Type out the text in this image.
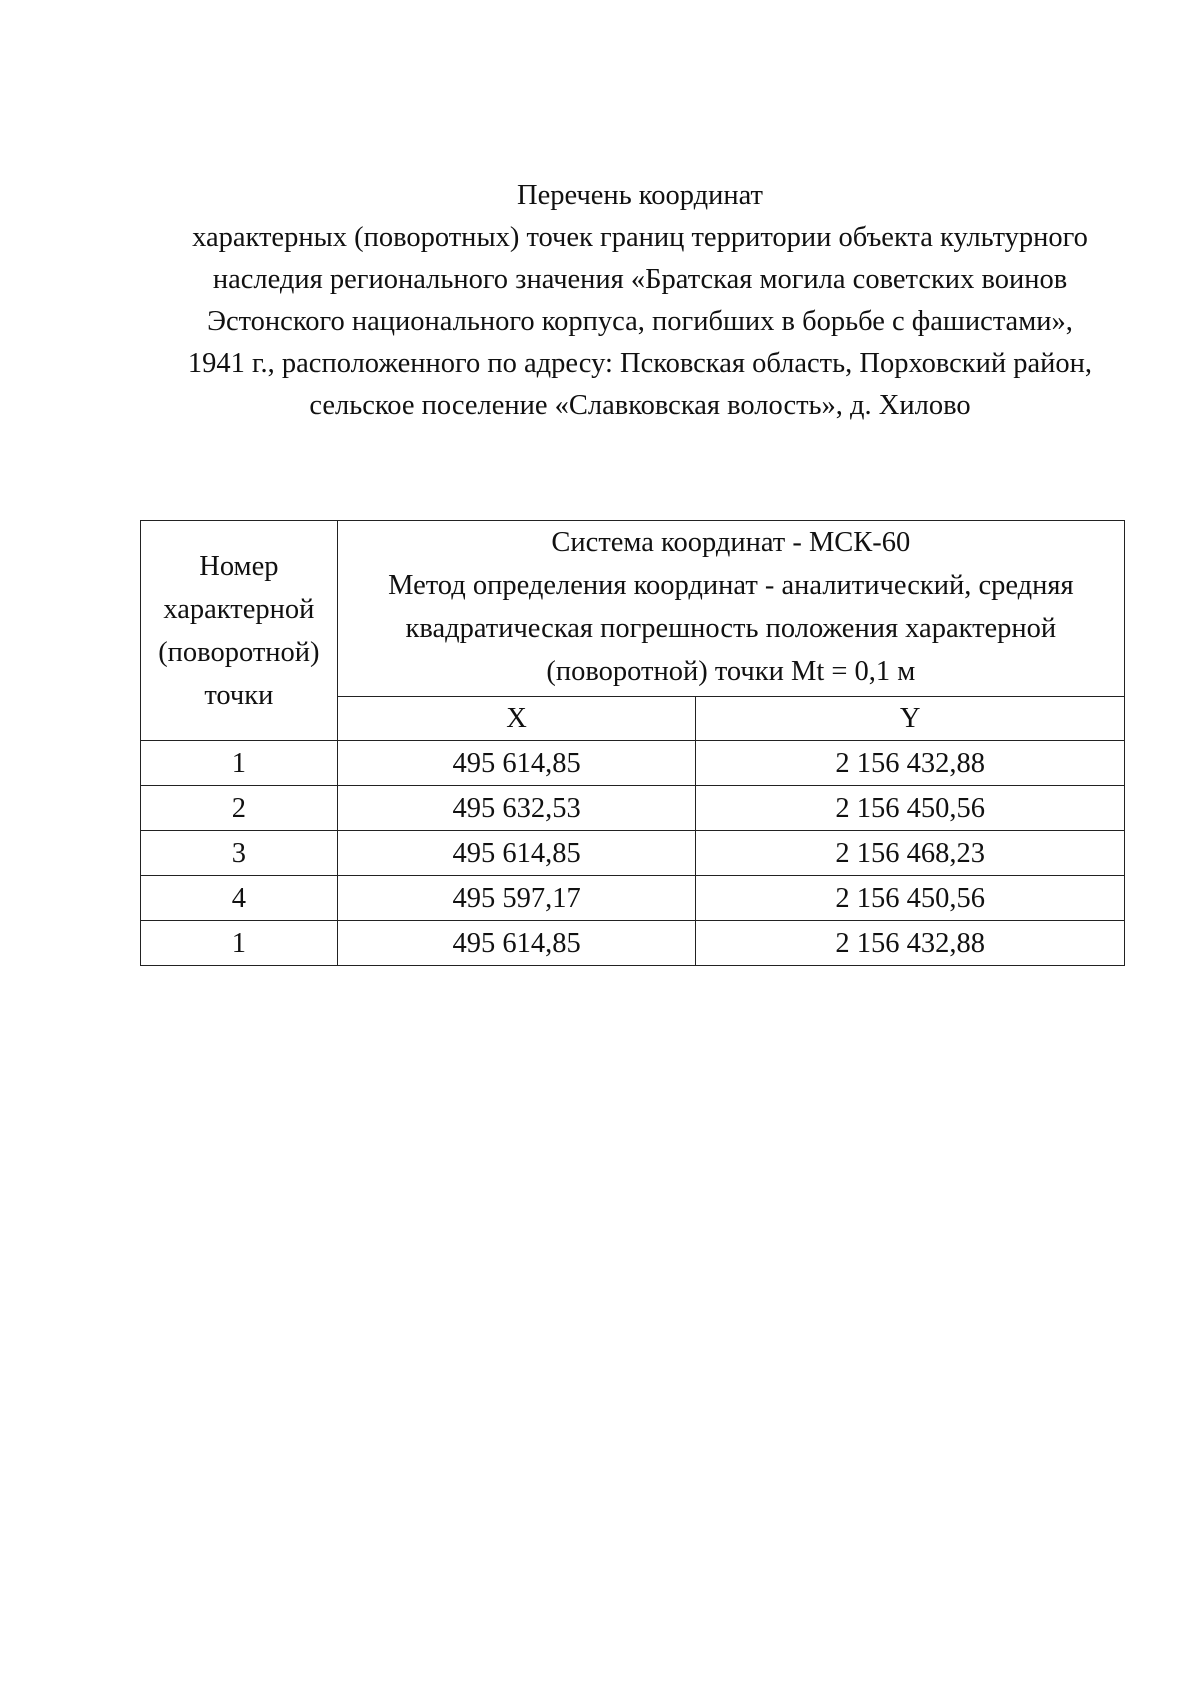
Перечень координат
характерных (поворотных) точек границ территории объекта культурного
наследия регионального значения «Братская могила советских воинов
Эстонского национального корпуса, погибших в борьбе с фашистами»,
1941 г., расположенного по адресу: Псковская область, Порховский район,
сельское поселение «Славковская волость», д. Хилово
Номер
характерной
(поворотной)
точки	Система координат - МСК-60
Метод определения координат - аналитический, средняя
квадратическая погрешность положения характерной
(поворотной) точки Mt = 0,1 м	

	X	Y
1	495 614,85	2 156 432,88
2	495 632,53	2 156 450,56
3	495 614,85	2 156 468,23
4	495 597,17	2 156 450,56
1	495 614,85	2 156 432,88
